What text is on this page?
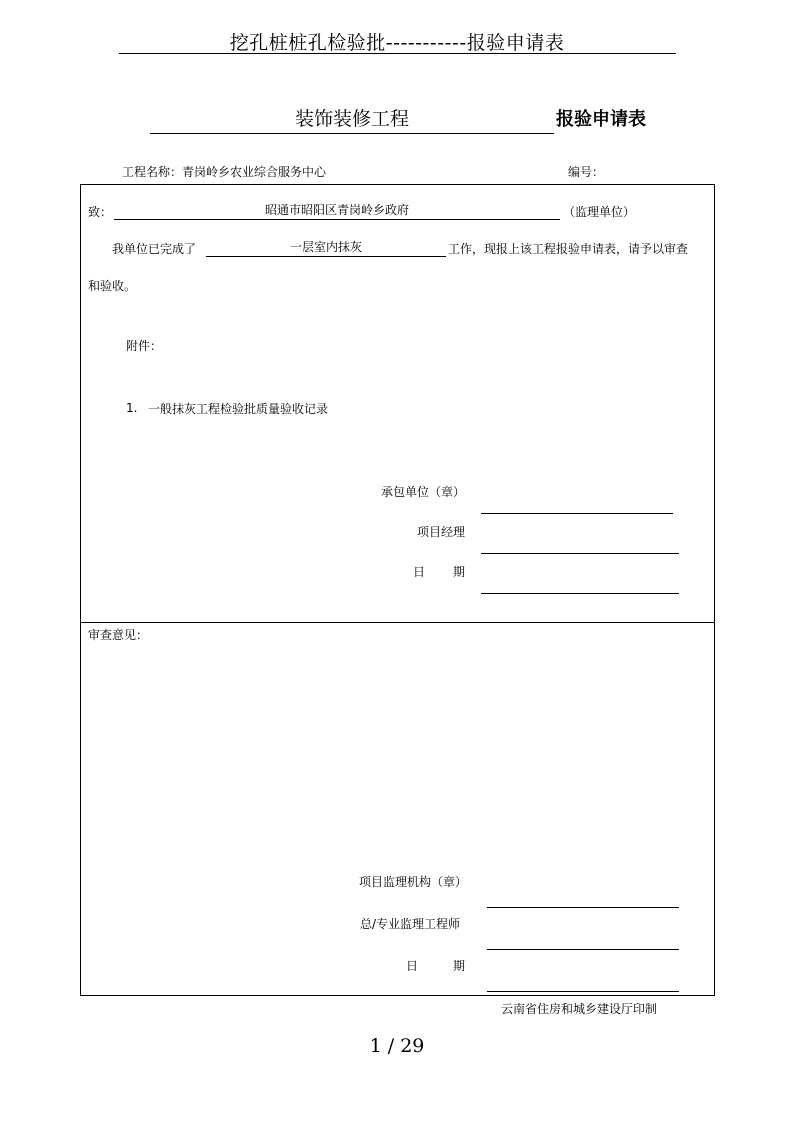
挖孔桩桩孔检验批-----------报验申请表
装饰装修工程	报验申请表
工程名称：青岗岭乡农业综合服务中心	编号：
致：	昭通市昭阳区青岗岭乡政府	（监理单位）
我单位已完成了	一层室内抹灰	工作，现报上该工程报验申请表，请予以审查
和验收。
附件：
1. 一般抹灰工程检验批质量验收记录
承包单位（章）
项目经理
日 期
审查意见：
项目监理机构（章）
总/专业监理工程师
日	期
云南省住房和城乡建设厅印制
1 / 29
